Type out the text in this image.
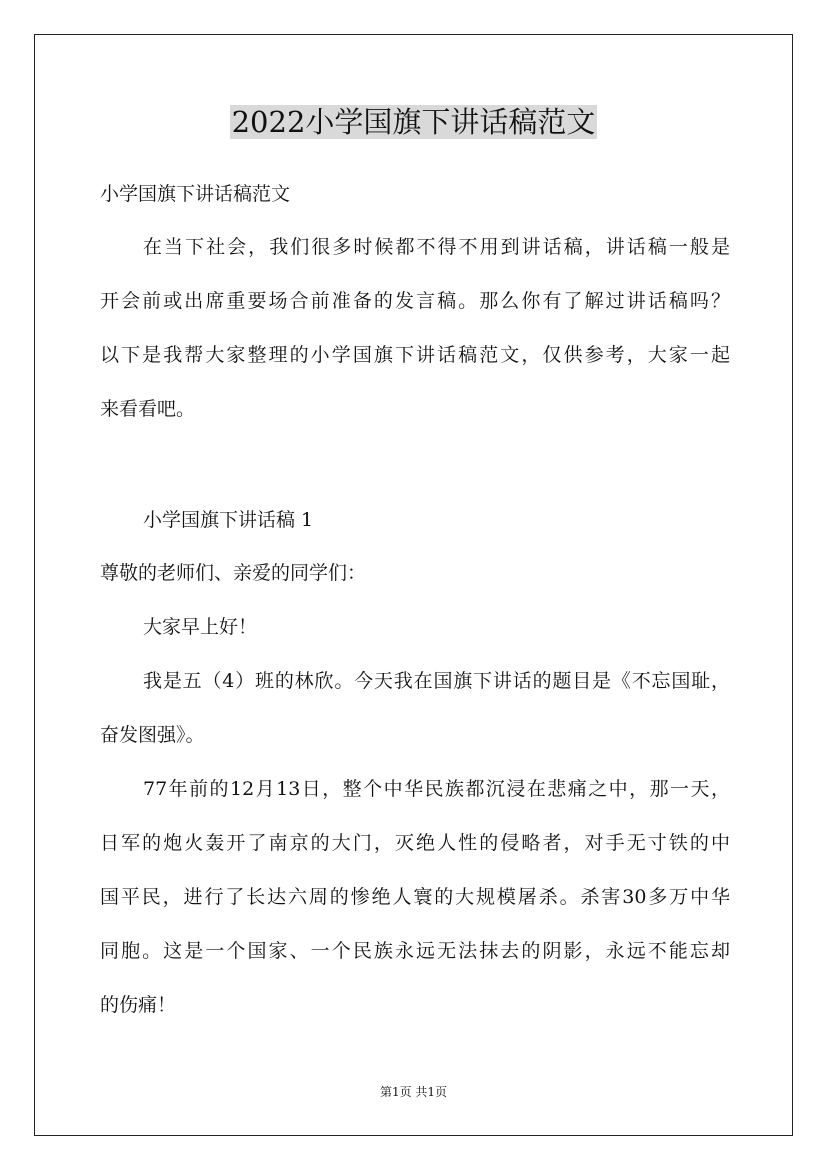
2022小学国旗下讲话稿范文

小学国旗下讲话稿范文

在当下社会，我们很多时候都不得不用到讲话稿，讲话稿一般是

开会前或出席重要场合前准备的发言稿。那么你有了解过讲话稿吗？

以下是我帮大家整理的小学国旗下讲话稿范文，仅供参考，大家一起

来看看吧。

小学国旗下讲话稿 1

尊敬的老师们、亲爱的同学们：

大家早上好！

我是五（4）班的林欣。今天我在国旗下讲话的题目是《不忘国耻，

奋发图强》。

77年前的12月13日，整个中华民族都沉浸在悲痛之中，那一天，

日军的炮火轰开了南京的大门，灭绝人性的侵略者，对手无寸铁的中

国平民，进行了长达六周的惨绝人寰的大规模屠杀。杀害30多万中华

同胞。这是一个国家、一个民族永远无法抹去的阴影，永远不能忘却

的伤痛！

第1页 共1页
